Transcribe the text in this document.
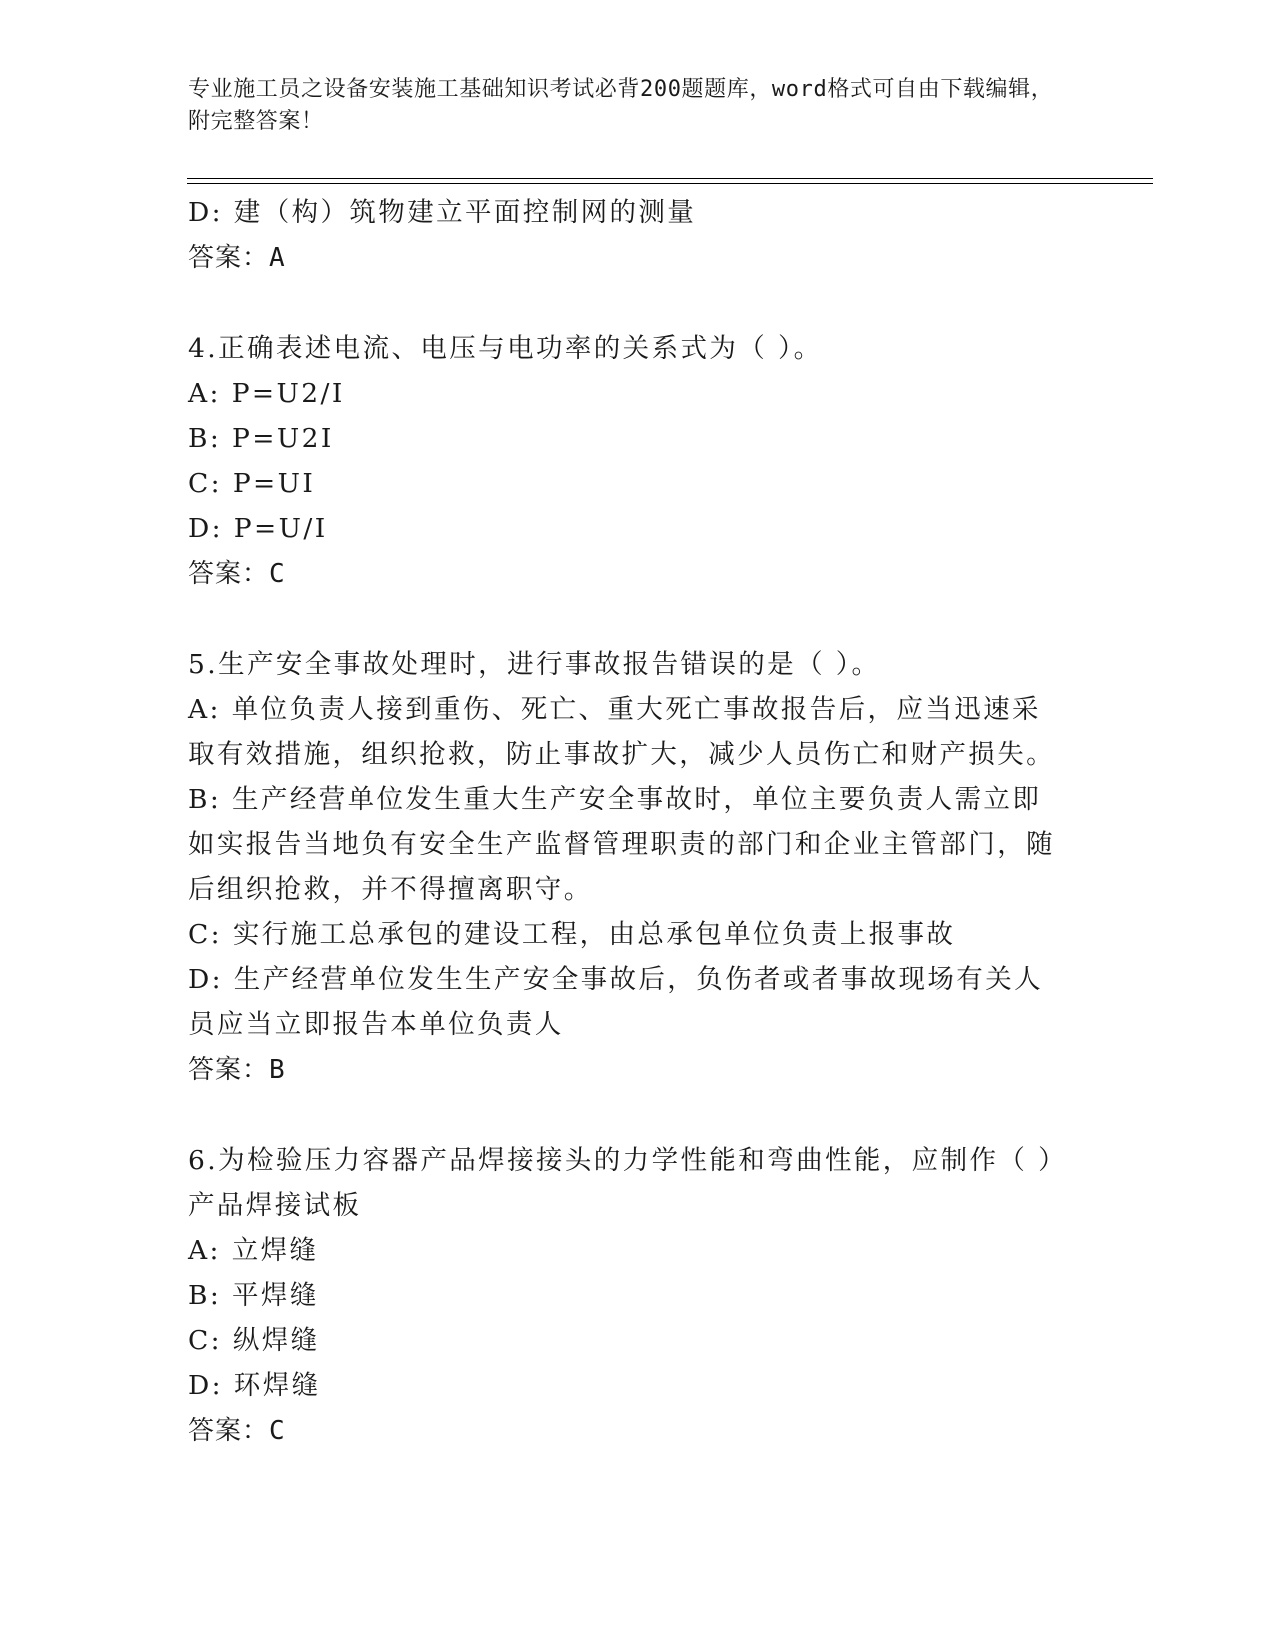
专业施工员之设备安装施工基础知识考试必背200题题库，word格式可自由下载编辑，附完整答案！
D: 建（构）筑物建立平面控制网的测量
答案：A
4.正确表述电流、电压与电功率的关系式为（ ）。
A: P=U2/I
B: P=U2I
C: P=UI
D: P=U/I
答案：C
5.生产安全事故处理时，进行事故报告错误的是（ ）。
A: 单位负责人接到重伤、死亡、重大死亡事故报告后，应当迅速采取有效措施，组织抢救，防止事故扩大，减少人员伤亡和财产损失。
B: 生产经营单位发生重大生产安全事故时，单位主要负责人需立即如实报告当地负有安全生产监督管理职责的部门和企业主管部门，随后组织抢救，并不得擅离职守。
C: 实行施工总承包的建设工程，由总承包单位负责上报事故
D: 生产经营单位发生生产安全事故后，负伤者或者事故现场有关人员应当立即报告本单位负责人
答案：B
6.为检验压力容器产品焊接接头的力学性能和弯曲性能，应制作（ ）产品焊接试板
A: 立焊缝
B: 平焊缝
C: 纵焊缝
D: 环焊缝
答案：C
